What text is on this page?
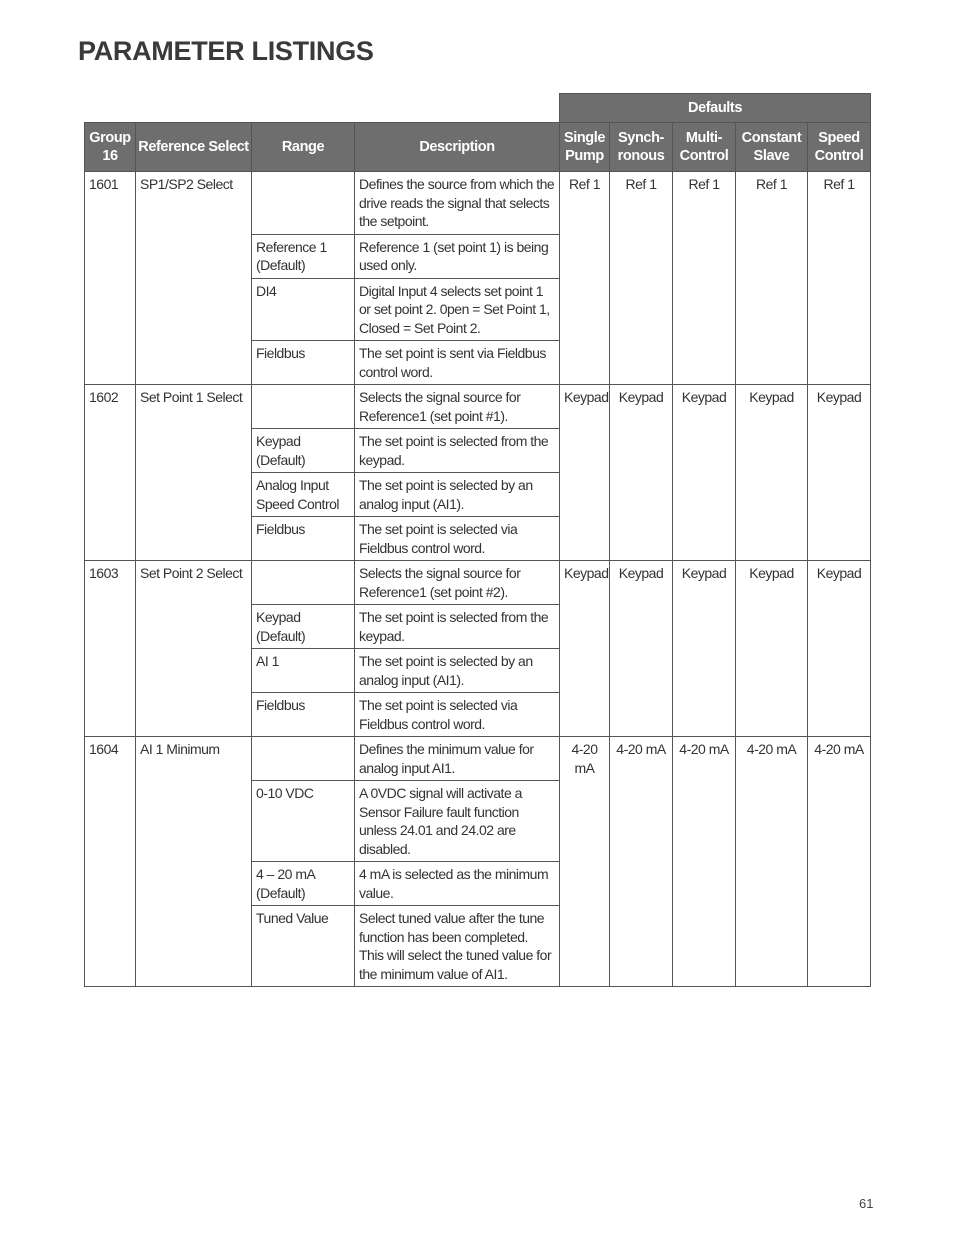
PARAMETER LISTINGS
				Defaults				
Group 16	Reference Select	Range	Description	Single Pump	Synch- ronous	Multi- Control	Constant Slave	Speed Control
1601	SP1/SP2 Select		Defines the source from which the drive reads the signal that selects the setpoint.	Ref 1	Ref 1	Ref 1	Ref 1	Ref 1
		Reference 1 (Default)	Reference 1 (set point 1) is being used only.					
		DI4	Digital Input 4 selects set point 1 or set point 2. 0pen = Set Point 1, Closed = Set Point 2.					
		Fieldbus	The set point is sent via Fieldbus control word.					
1602	Set Point 1 Select		Selects the signal source for Reference1 (set point #1).	Keypad	Keypad	Keypad	Keypad	Keypad
		Keypad (Default)	The set point is selected from the keypad.					
		Analog Input Speed Control	The set point is selected by an analog input (AI1).					
		Fieldbus	The set point is selected via Fieldbus control word.					
1603	Set Point 2 Select		Selects the signal source for Reference1 (set point #2).	Keypad	Keypad	Keypad	Keypad	Keypad
		Keypad (Default)	The set point is selected from the keypad.					
		AI 1	The set point is selected by an analog input (AI1).					
		Fieldbus	The set point is selected via Fieldbus control word.					
1604	AI 1 Minimum		Defines the minimum value for analog input AI1.	4-20 mA	4-20 mA	4-20 mA	4-20 mA	4-20 mA
		0-10 VDC	A 0VDC signal will activate a Sensor Failure fault function unless 24.01 and 24.02 are disabled.					
		4 – 20 mA (Default)	4 mA is selected as the minimum value.					
		Tuned Value	Select tuned value after the tune function has been completed. This will select the tuned value for the minimum value of AI1.					
61
